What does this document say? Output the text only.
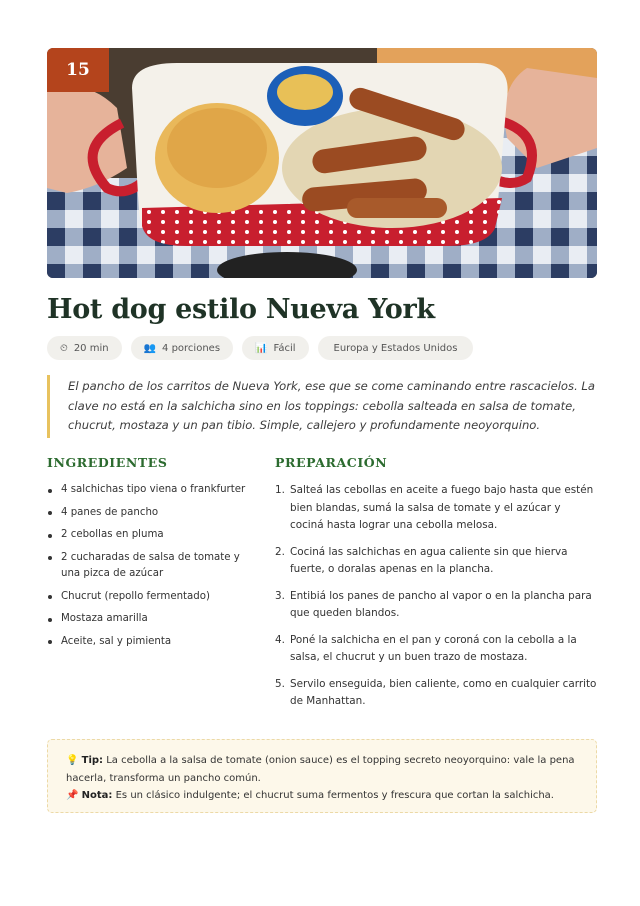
15
Hot dog estilo Nueva York
⏲ 20 min	👥 4 porciones	📊 Fácil	Europa y Estados Unidos
El pancho de los carritos de Nueva York, ese que se come caminando entre rascacielos. La clave no está en la salchicha sino en los toppings: cebolla salteada en salsa de tomate, chucrut, mostaza y un pan tibio. Simple, callejero y profundamente neoyorquino.
INGREDIENTES
4 salchichas tipo viena o frankfurter
4 panes de pancho
2 cebollas en pluma
2 cucharadas de salsa de tomate y una pizca de azúcar
Chucrut (repollo fermentado)
Mostaza amarilla
Aceite, sal y pimienta
PREPARACIÓN
1. Salteá las cebollas en aceite a fuego bajo hasta que estén bien blandas, sumá la salsa de tomate y el azúcar y cociná hasta lograr una cebolla melosa.
2. Cociná las salchichas en agua caliente sin que hierva fuerte, o doralas apenas en la plancha.
3. Entibiá los panes de pancho al vapor o en la plancha para que queden blandos.
4. Poné la salchicha en el pan y coroná con la cebolla a la salsa, el chucrut y un buen trazo de mostaza.
5. Servilo enseguida, bien caliente, como en cualquier carrito de Manhattan.
💡 Tip: La cebolla a la salsa de tomate (onion sauce) es el topping secreto neoyorquino: vale la pena hacerla, transforma un pancho común.
📌 Nota: Es un clásico indulgente; el chucrut suma fermentos y frescura que cortan la salchicha.
